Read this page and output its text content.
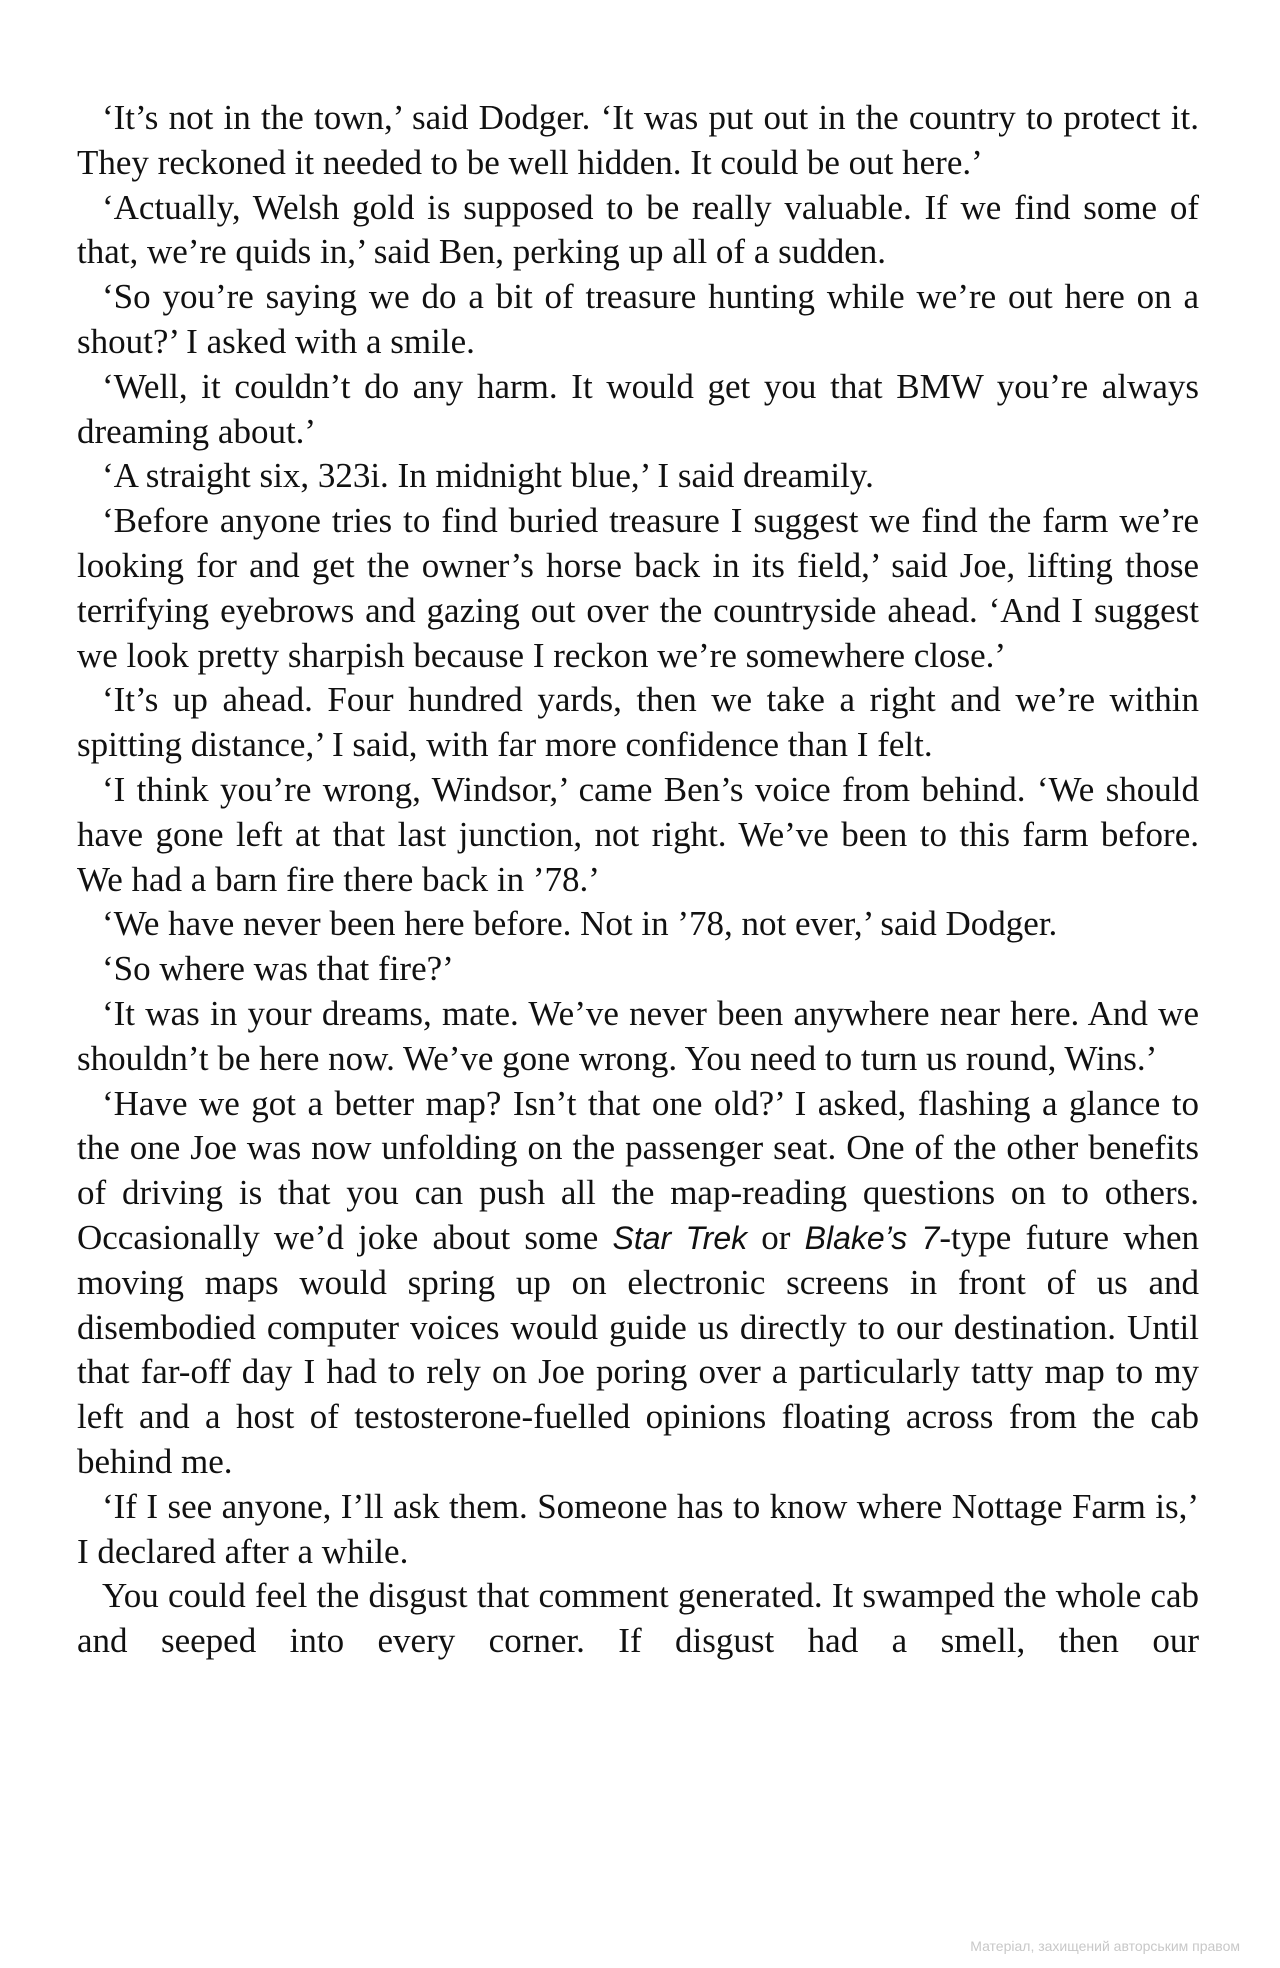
‘It’s not in the town,’ said Dodger. ‘It was put out in the country to protect it. They reckoned it needed to be well hidden. It could be out here.’

‘Actually, Welsh gold is supposed to be really valuable. If we find some of that, we’re quids in,’ said Ben, perking up all of a sudden.

‘So you’re saying we do a bit of treasure hunting while we’re out here on a shout?’ I asked with a smile.

‘Well, it couldn’t do any harm. It would get you that BMW you’re always dreaming about.’

‘A straight six, 323i. In midnight blue,’ I said dreamily.

‘Before anyone tries to find buried treasure I suggest we find the farm we’re looking for and get the owner’s horse back in its field,’ said Joe, lifting those terrifying eyebrows and gazing out over the countryside ahead. ‘And I suggest we look pretty sharpish because I reckon we’re somewhere close.’

‘It’s up ahead. Four hundred yards, then we take a right and we’re within spitting distance,’ I said, with far more confidence than I felt.

‘I think you’re wrong, Windsor,’ came Ben’s voice from behind. ‘We should have gone left at that last junction, not right. We’ve been to this farm before. We had a barn fire there back in ’78.’

‘We have never been here before. Not in ’78, not ever,’ said Dodger.

‘So where was that fire?’

‘It was in your dreams, mate. We’ve never been anywhere near here. And we shouldn’t be here now. We’ve gone wrong. You need to turn us round, Wins.’

‘Have we got a better map? Isn’t that one old?’ I asked, flashing a glance to the one Joe was now unfolding on the passenger seat. One of the other benefits of driving is that you can push all the map-reading questions on to others. Occasionally we’d joke about some Star Trek or Blake’s 7-type future when moving maps would spring up on electronic screens in front of us and disembodied computer voices would guide us directly to our destination. Until that far-off day I had to rely on Joe poring over a particularly tatty map to my left and a host of testosterone-fuelled opinions floating across from the cab behind me.

‘If I see anyone, I’ll ask them. Someone has to know where Nottage Farm is,’ I declared after a while.

You could feel the disgust that comment generated. It swamped the whole cab and seeped into every corner. If disgust had a smell, then our

Матеріал, захищений авторським правом
